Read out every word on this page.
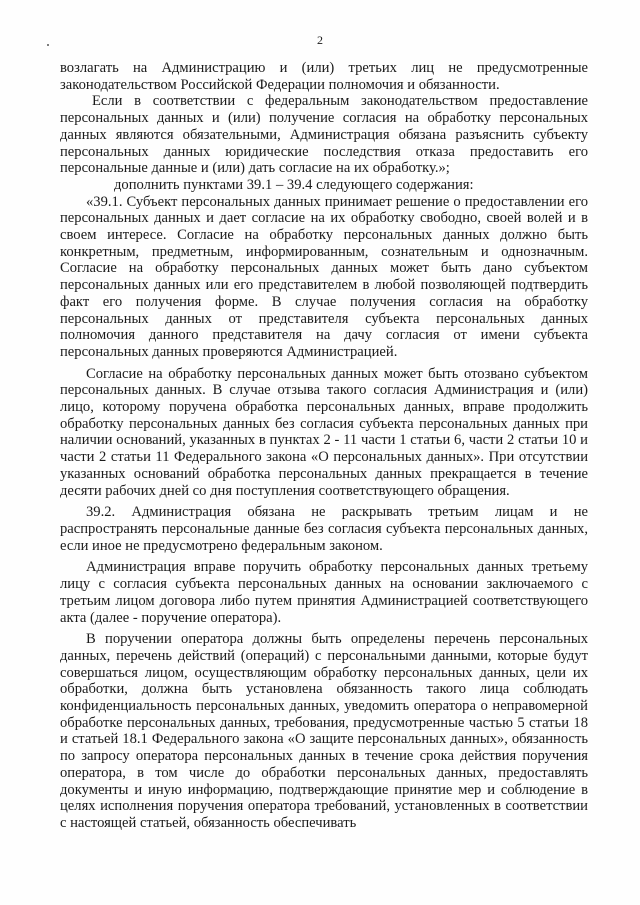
2

возлагать на Администрацию и (или) третьих лиц не предусмотренные законодательством Российской Федерации полномочия и обязанности.

Если в соответствии с федеральным законодательством предоставление персональных данных и (или) получение согласия на обработку персональных данных являются обязательными, Администрация обязана разъяснить субъекту персональных данных юридические последствия отказа предоставить его персональные данные и (или) дать согласие на их обработку.»;

дополнить пунктами 39.1 – 39.4 следующего содержания:

«39.1. Субъект персональных данных принимает решение о предоставлении его персональных данных и дает согласие на их обработку свободно, своей волей и в своем интересе. Согласие на обработку персональных данных должно быть конкретным, предметным, информированным, сознательным и однозначным. Согласие на обработку персональных данных может быть дано субъектом персональных данных или его представителем в любой позволяющей подтвердить факт его получения форме. В случае получения согласия на обработку персональных данных от представителя субъекта персональных данных полномочия данного представителя на дачу согласия от имени субъекта персональных данных проверяются Администрацией.

Согласие на обработку персональных данных может быть отозвано субъектом персональных данных. В случае отзыва такого согласия Администрация и (или) лицо, которому поручена обработка персональных данных, вправе продолжить обработку персональных данных без согласия субъекта персональных данных при наличии оснований, указанных в пунктах 2 - 11 части 1 статьи 6, части 2 статьи 10 и части 2 статьи 11 Федерального закона «О персональных данных». При отсутствии указанных оснований обработка персональных данных прекращается в течение десяти рабочих дней со дня поступления соответствующего обращения.

39.2. Администрация обязана не раскрывать третьим лицам и не распространять персональные данные без согласия субъекта персональных данных, если иное не предусмотрено федеральным законом.

Администрация вправе поручить обработку персональных данных третьему лицу с согласия субъекта персональных данных на основании заключаемого с третьим лицом договора либо путем принятия Администрацией соответствующего акта (далее - поручение оператора).

В поручении оператора должны быть определены перечень персональных данных, перечень действий (операций) с персональными данными, которые будут совершаться лицом, осуществляющим обработку персональных данных, цели их обработки, должна быть установлена обязанность такого лица соблюдать конфиденциальность персональных данных, уведомить оператора о неправомерной обработке персональных данных, требования, предусмотренные частью 5 статьи 18 и статьей 18.1 Федерального закона «О защите персональных данных», обязанность по запросу оператора персональных данных в течение срока действия поручения оператора, в том числе до обработки персональных данных, предоставлять документы и иную информацию, подтверждающие принятие мер и соблюдение в целях исполнения поручения оператора требований, установленных в соответствии с настоящей статьей, обязанность обеспечивать
